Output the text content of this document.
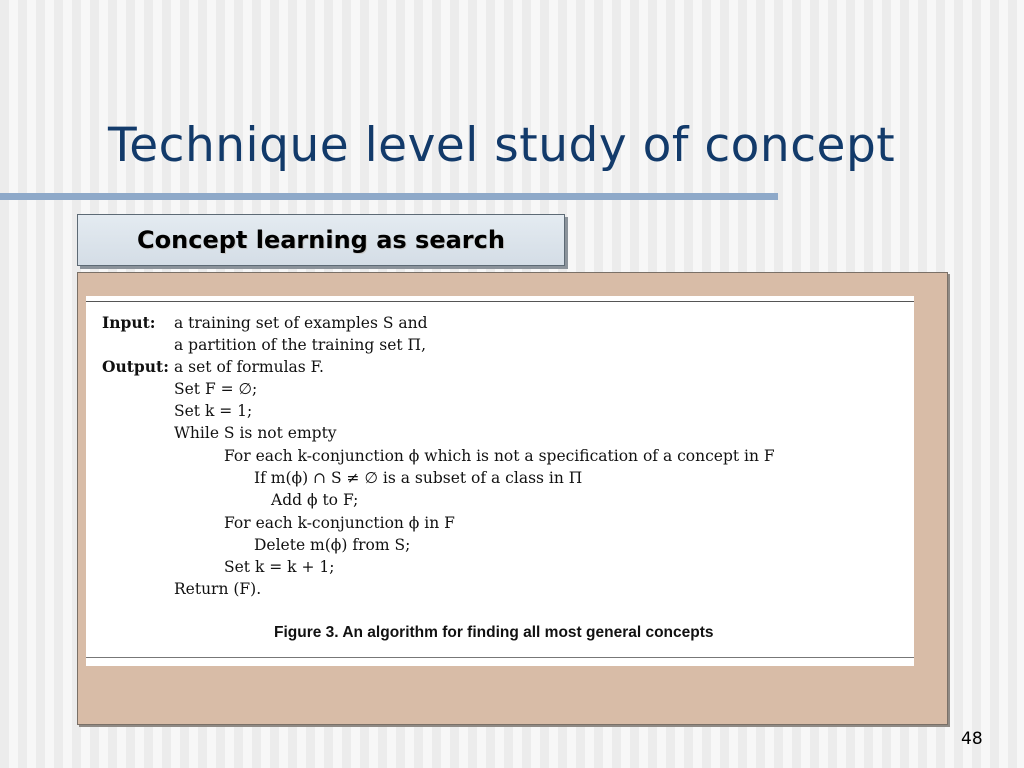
Technique level study of concept
Concept learning as search
Input: a training set of examples S and
a partition of the training set Π,
Output: a set of formulas F.
Set F = ∅;
Set k = 1;
While S is not empty
For each k-conjunction ϕ which is not a specification of a concept in F
If m(ϕ) ∩ S ≠ ∅ is a subset of a class in Π
Add ϕ to F;
For each k-conjunction ϕ in F
Delete m(ϕ) from S;
Set k = k + 1;
Return (F).
Figure 3. An algorithm for finding all most general concepts
48
